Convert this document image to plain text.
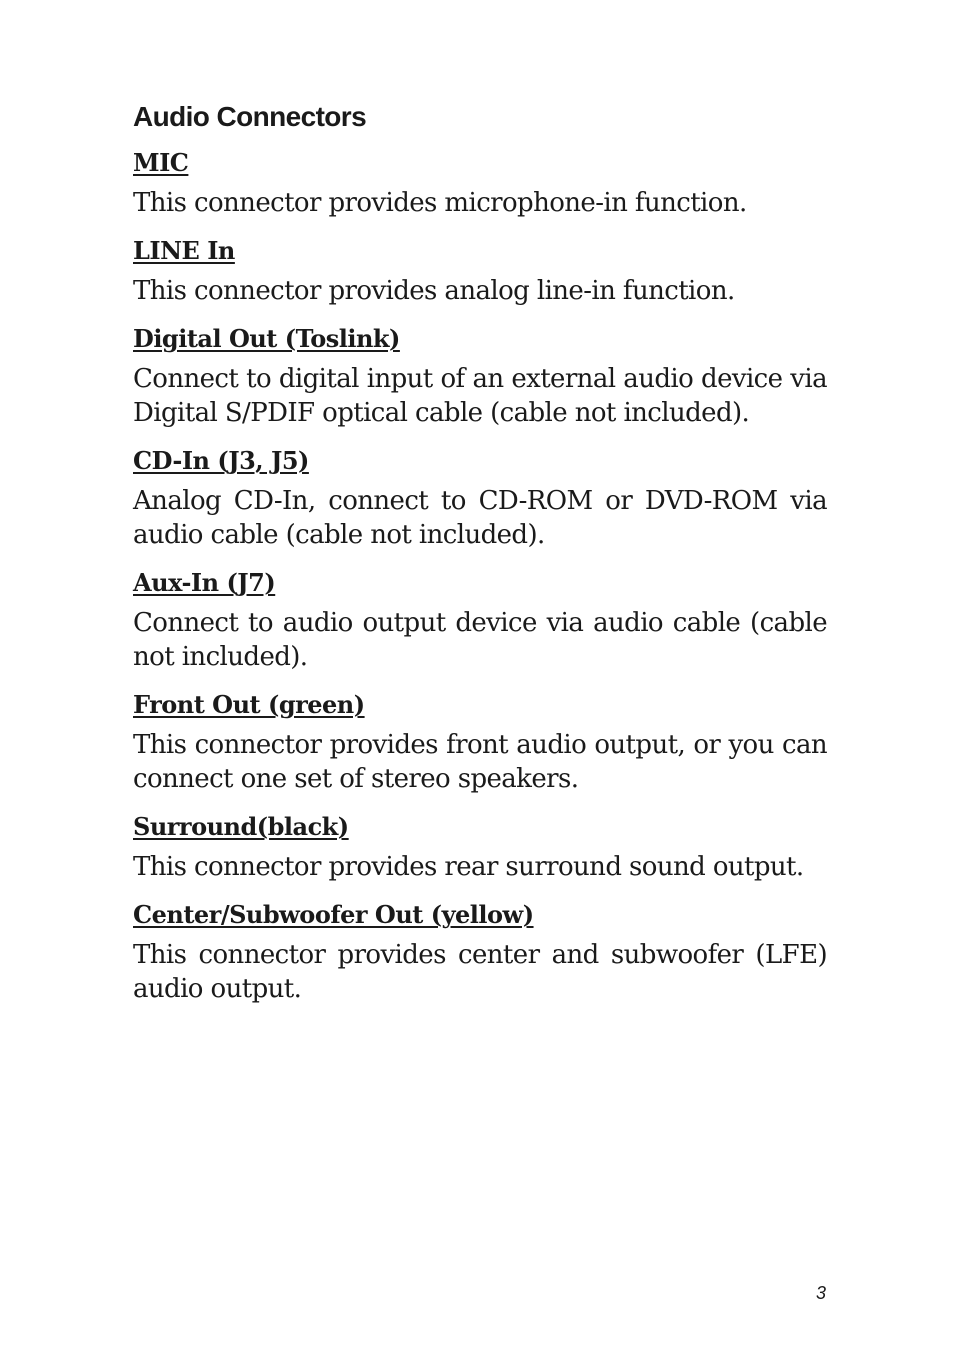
Audio Connectors
MIC

This connector provides microphone-in function.

LINE In

This connector provides analog line-in function.

Digital Out (Toslink)

Connect to digital input of an external audio device via Digital S/PDIF optical cable (cable not included).

CD-In (J3, J5)

Analog CD-In, connect to CD-ROM or DVD-ROM via audio cable (cable not included).

Aux-In (J7)

Connect to audio output device via audio cable (cable not included).

Front Out (green)

This connector provides front audio output, or you can connect one set of stereo speakers.

Surround(black)

This connector provides rear surround sound output.

Center/Subwoofer Out (yellow)

This connector provides center and subwoofer (LFE) audio output.

3
